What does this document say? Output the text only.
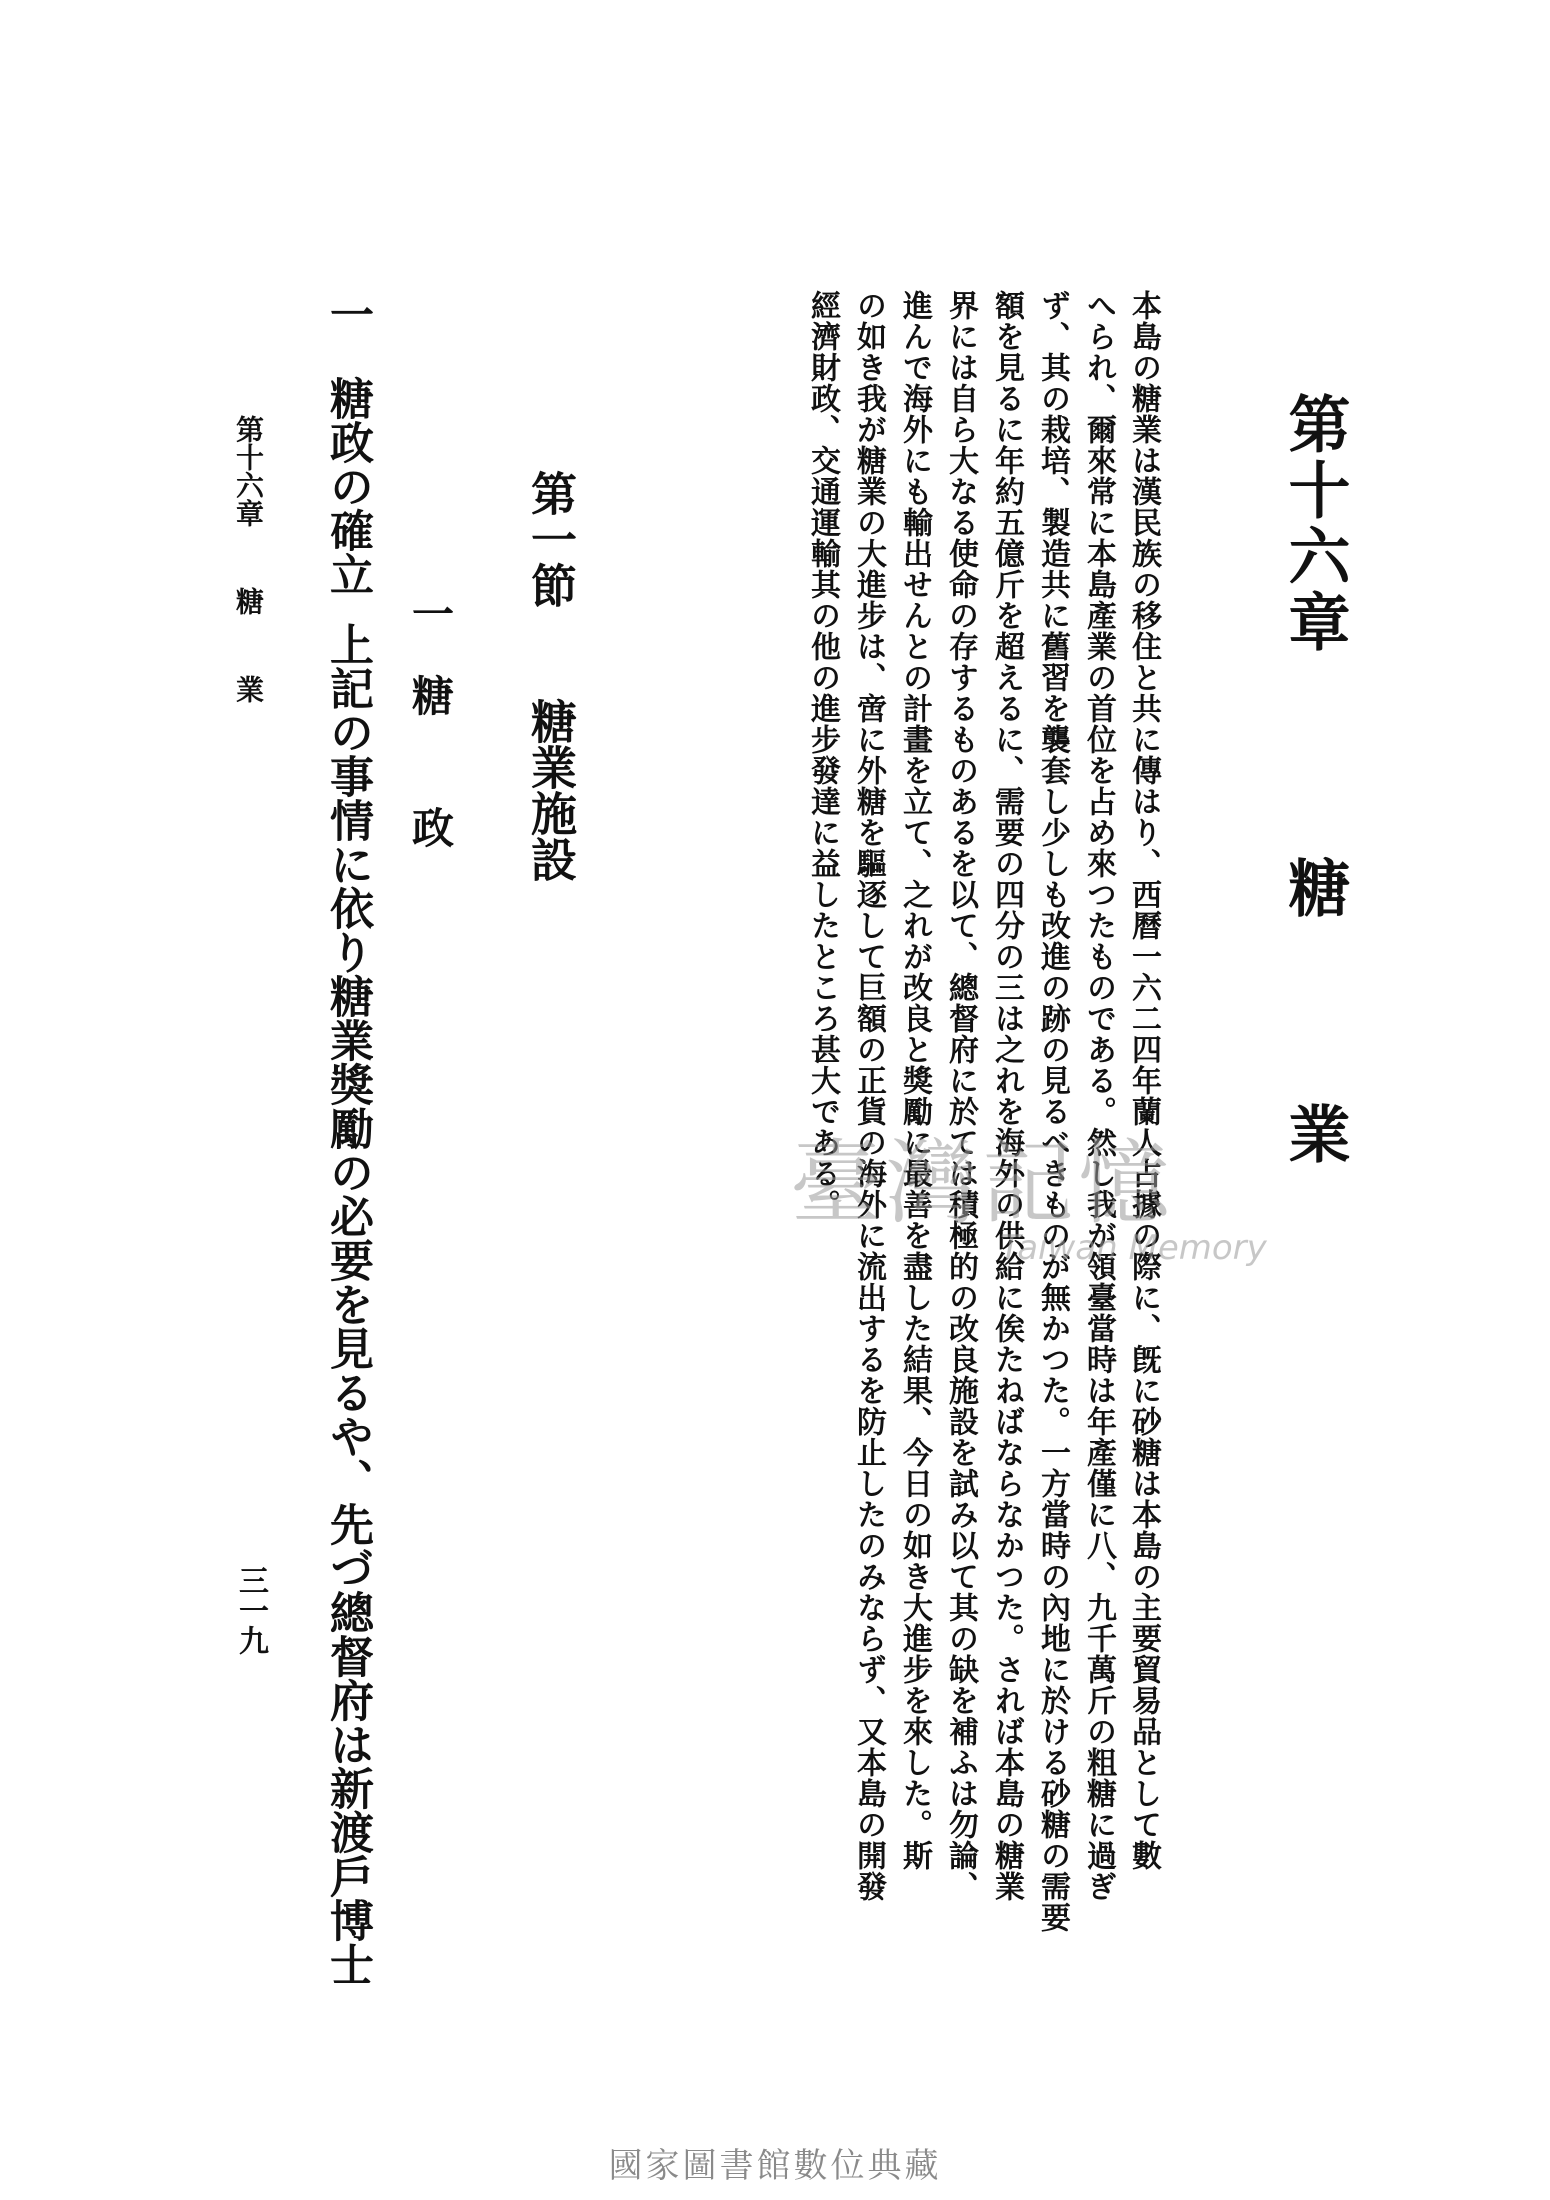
第十六章糖業
本島の糖業は漢民族の移住と共に傳はり、西曆一六二四年蘭人占據の際に、旣に砂糖は本島の主要貿易品として數
へられ、爾來常に本島產業の首位を占め來つたものである。然し我が領臺當時は年產僅に八、九千萬斤の粗糖に過ぎ
ず、其の栽培、製造共に舊習を襲套し少しも改進の跡の見るべきものが無かつた。一方當時の內地に於ける砂糖の需要
額を見るに年約五億斤を超えるに、需要の四分の三は之れを海外の供給に俟たねばならなかつた。されば本島の糖業
界には自ら大なる使命の存するものあるを以て、總督府に於ては積極的の改良施設を試み以て其の缺を補ふは勿論、
進んで海外にも輸出せんとの計畫を立て、之れが改良と獎勵に最善を盡した結果、今日の如き大進步を來した。斯
の如き我が糖業の大進步は、啻に外糖を驅逐して巨額の正貨の海外に流出するを防止したのみならず、又本島の開發
經濟財政、交通運輸其の他の進步發達に益したところ甚大である。
第一節糖業施設
一糖政
一糖政の確立上記の事情に依り糖業獎勵の必要を見るや、先づ總督府は新渡戶博士
第十六章糖業
三一九
臺灣記憶
Taiwan Memory
國家圖書館數位典藏
